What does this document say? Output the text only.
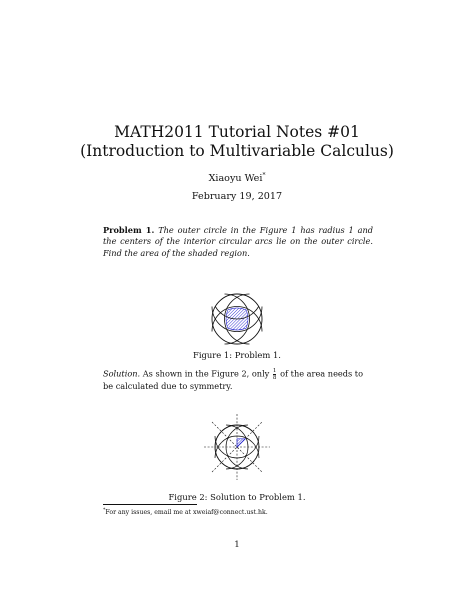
MATH2011 Tutorial Notes #01
(Introduction to Multivariable Calculus)
Xiaoyu Wei*
February 19, 2017
Problem 1. The outer circle in the Figure 1 has radius 1 and the centers of the interior circular arcs lie on the outer circle. Find the area of the shaded region.
Figure 1: Problem 1.
Solution. As shown in the Figure 2, only $\frac{1}{8}$ of the area needs to be calculated due to symmetry.
Figure 2: Solution to Problem 1.
*For any issues, email me at xweiaf@connect.ust.hk.
1
